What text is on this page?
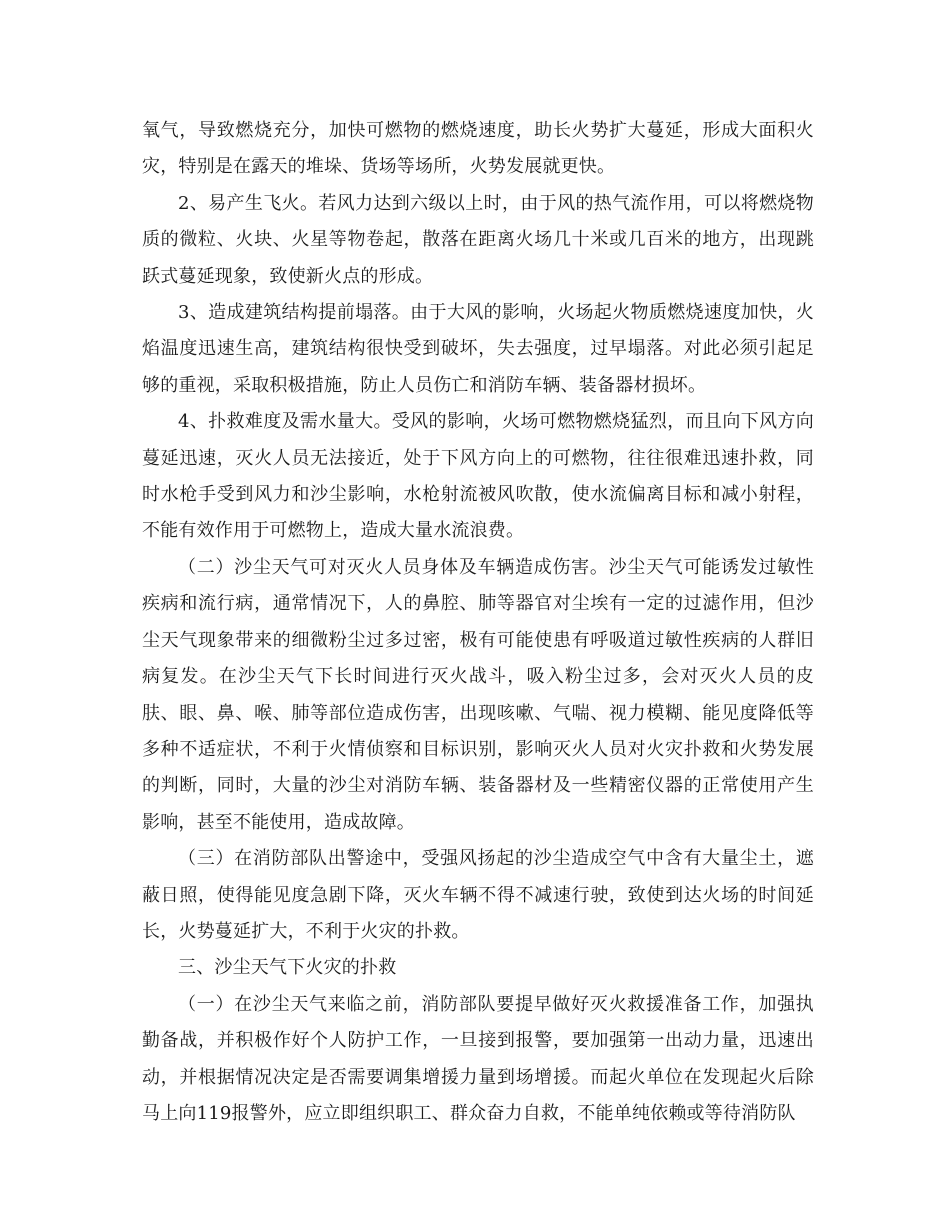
氧气，导致燃烧充分，加快可燃物的燃烧速度，助长火势扩大蔓延，形成大面积火灾，特别是在露天的堆垛、货场等场所，火势发展就更快。

2、易产生飞火。若风力达到六级以上时，由于风的热气流作用，可以将燃烧物质的微粒、火块、火星等物卷起，散落在距离火场几十米或几百米的地方，出现跳跃式蔓延现象，致使新火点的形成。

3、造成建筑结构提前塌落。由于大风的影响，火场起火物质燃烧速度加快，火焰温度迅速生高，建筑结构很快受到破坏，失去强度，过早塌落。对此必须引起足够的重视，采取积极措施，防止人员伤亡和消防车辆、装备器材损坏。

4、扑救难度及需水量大。受风的影响，火场可燃物燃烧猛烈，而且向下风方向蔓延迅速，灭火人员无法接近，处于下风方向上的可燃物，往往很难迅速扑救，同时水枪手受到风力和沙尘影响，水枪射流被风吹散，使水流偏离目标和减小射程，不能有效作用于可燃物上，造成大量水流浪费。

（二）沙尘天气可对灭火人员身体及车辆造成伤害。沙尘天气可能诱发过敏性疾病和流行病，通常情况下，人的鼻腔、肺等器官对尘埃有一定的过滤作用，但沙尘天气现象带来的细微粉尘过多过密，极有可能使患有呼吸道过敏性疾病的人群旧病复发。在沙尘天气下长时间进行灭火战斗，吸入粉尘过多，会对灭火人员的皮肤、眼、鼻、喉、肺等部位造成伤害，出现咳嗽、气喘、视力模糊、能见度降低等多种不适症状，不利于火情侦察和目标识别，影响灭火人员对火灾扑救和火势发展的判断，同时，大量的沙尘对消防车辆、装备器材及一些精密仪器的正常使用产生影响，甚至不能使用，造成故障。

（三）在消防部队出警途中，受强风扬起的沙尘造成空气中含有大量尘土，遮蔽日照，使得能见度急剧下降，灭火车辆不得不减速行驶，致使到达火场的时间延长，火势蔓延扩大，不利于火灾的扑救。

三、沙尘天气下火灾的扑救

（一）在沙尘天气来临之前，消防部队要提早做好灭火救援准备工作，加强执勤备战，并积极作好个人防护工作，一旦接到报警，要加强第一出动力量，迅速出动，并根据情况决定是否需要调集增援力量到场增援。而起火单位在发现起火后除马上向119报警外，应立即组织职工、群众奋力自救，不能单纯依赖或等待消防队
